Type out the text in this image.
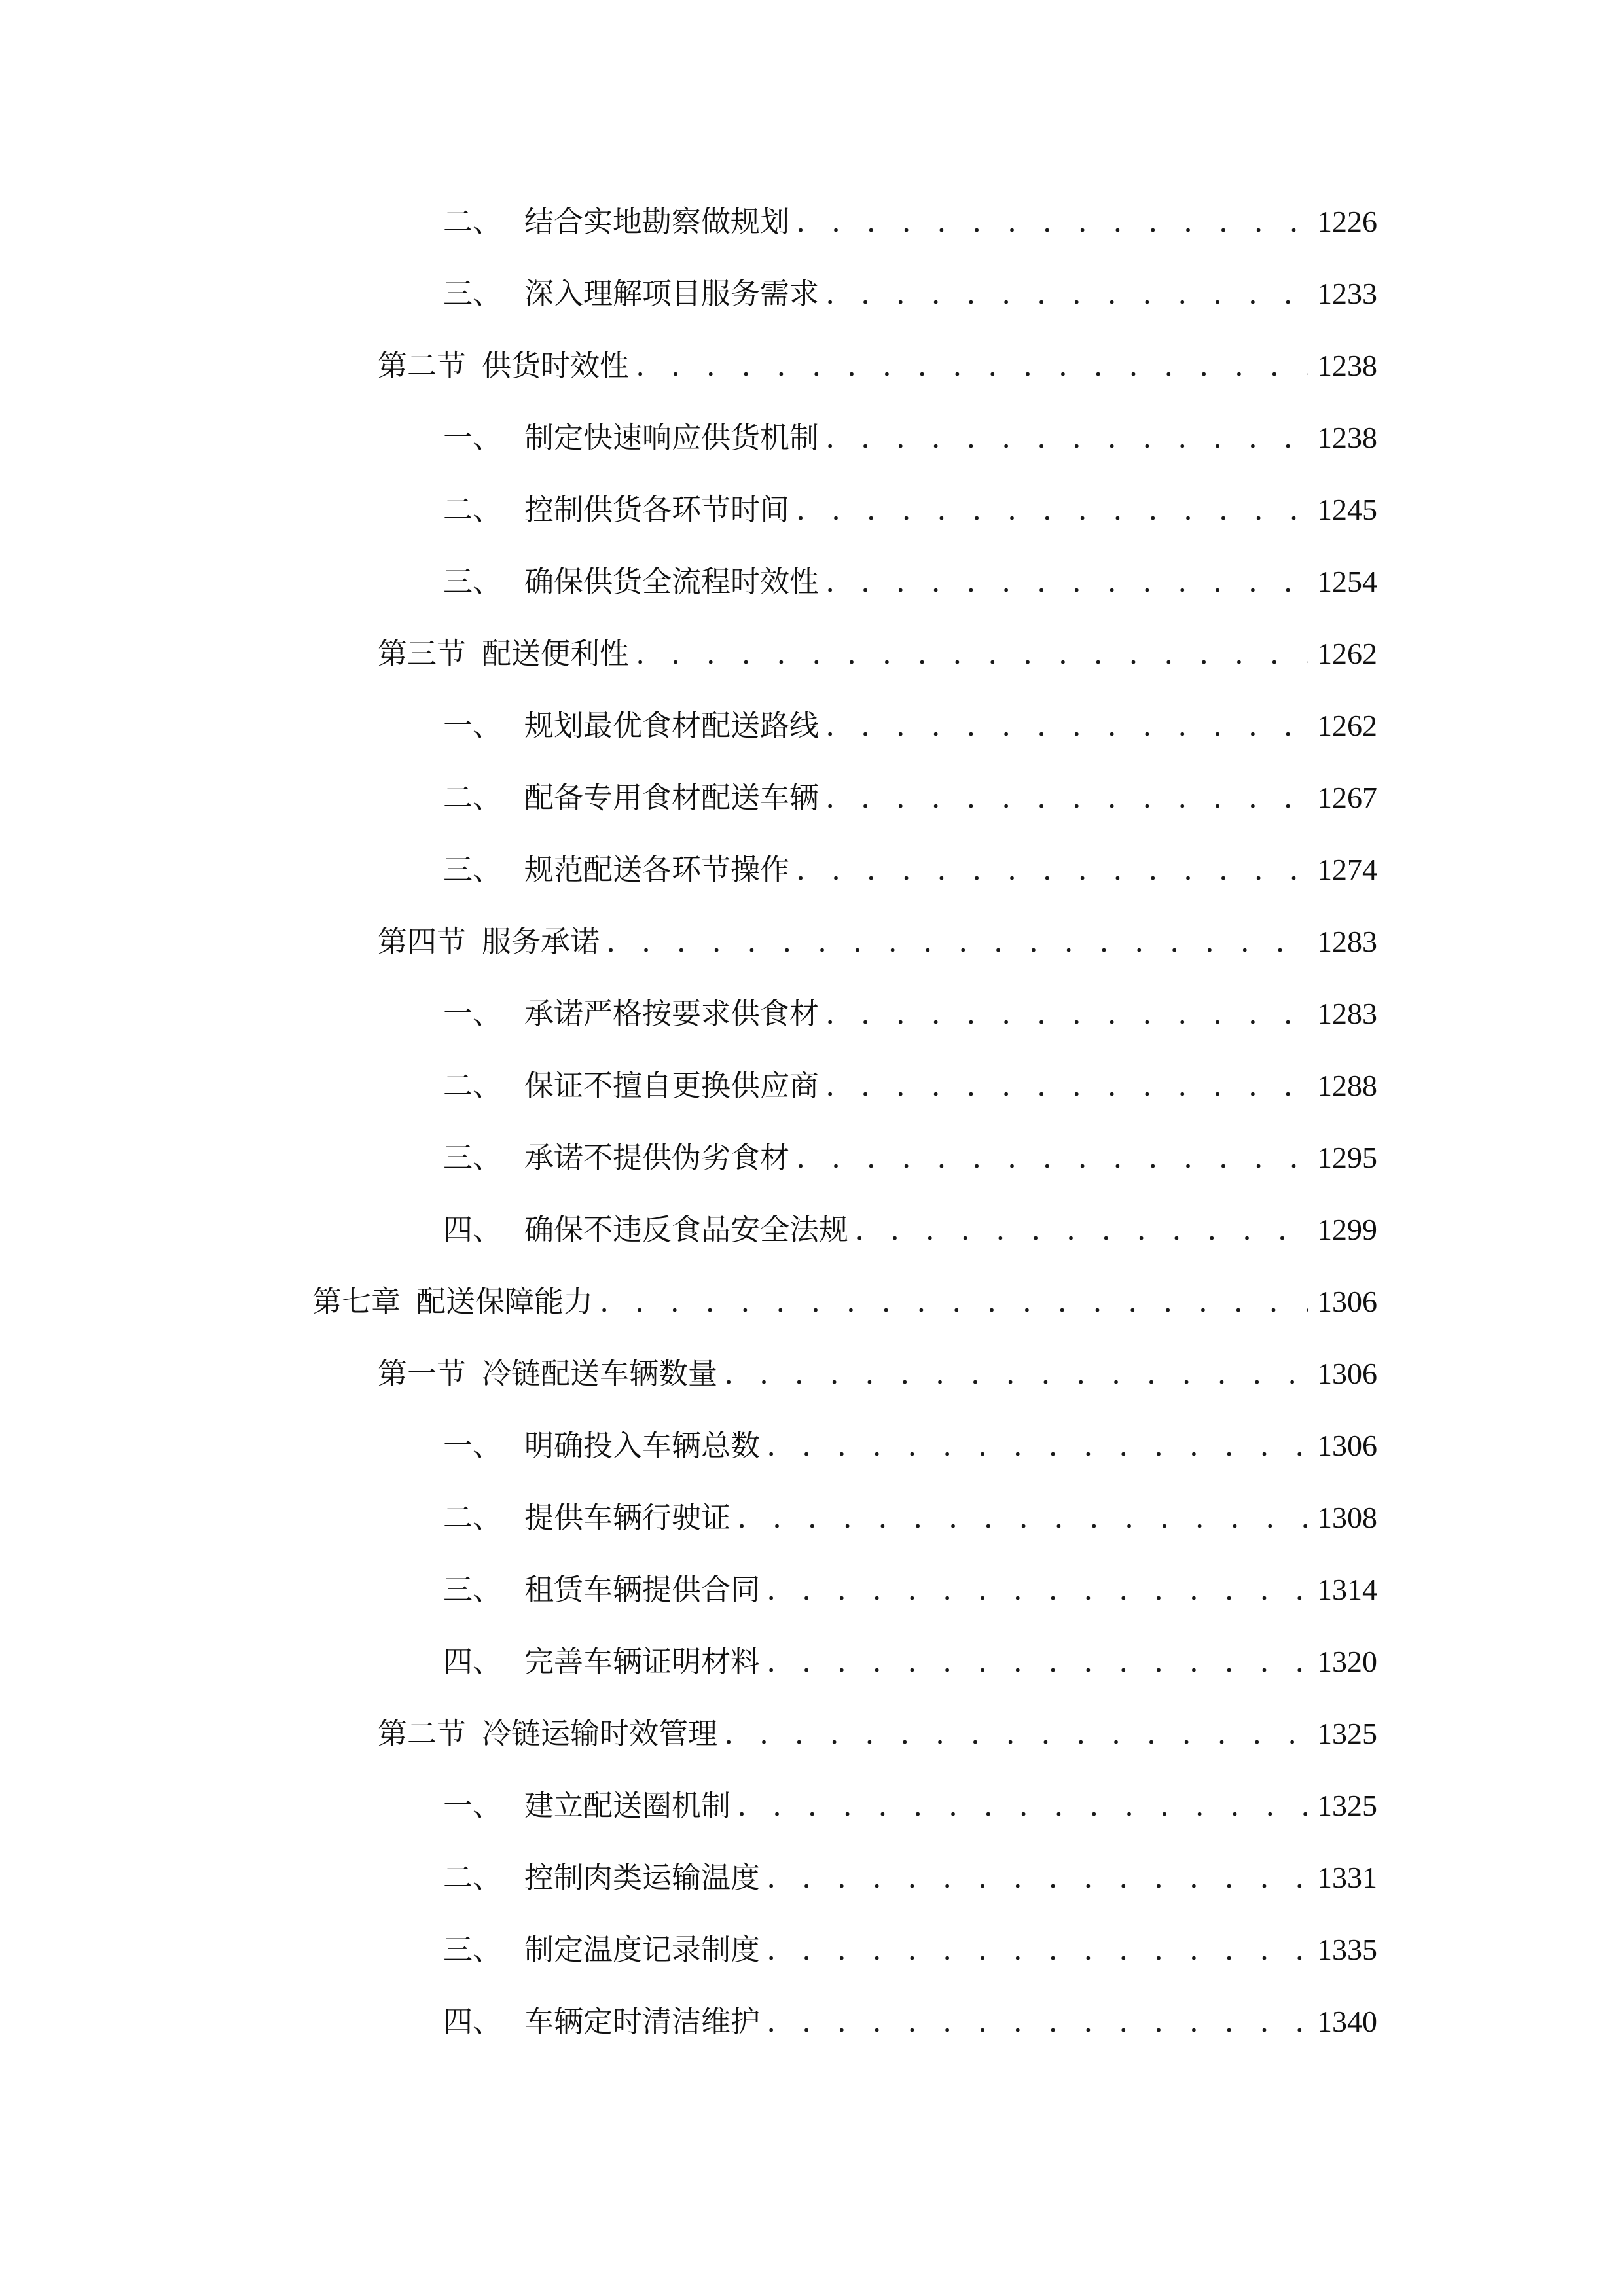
二、 结合实地勘察做规划 . . .	1226
三、 深入理解项目服务需求 . . .	1233
第二节 供货时效性 . . .	1238
一、 制定快速响应供货机制 . . .	1238
二、 控制供货各环节时间 . . .	1245
三、 确保供货全流程时效性 . . .	1254
第三节 配送便利性 . . .	1262
一、 规划最优食材配送路线 . . .	1262
二、 配备专用食材配送车辆 . . .	1267
三、 规范配送各环节操作 . . .	1274
第四节 服务承诺 . . .	1283
一、 承诺严格按要求供食材 . . .	1283
二、 保证不擅自更换供应商 . . .	1288
三、 承诺不提供伪劣食材 . . .	1295
四、 确保不违反食品安全法规 . . .	1299
第七章 配送保障能力 . . .	1306
第一节 冷链配送车辆数量 . . .	1306
一、 明确投入车辆总数 . . .	1306
二、 提供车辆行驶证 . . .	1308
三、 租赁车辆提供合同 . . .	1314
四、 完善车辆证明材料 . . .	1320
第二节 冷链运输时效管理 . . .	1325
一、 建立配送圈机制 . . .	1325
二、 控制肉类运输温度 . . .	1331
三、 制定温度记录制度 . . .	1335
四、 车辆定时清洁维护 . . .	1340
